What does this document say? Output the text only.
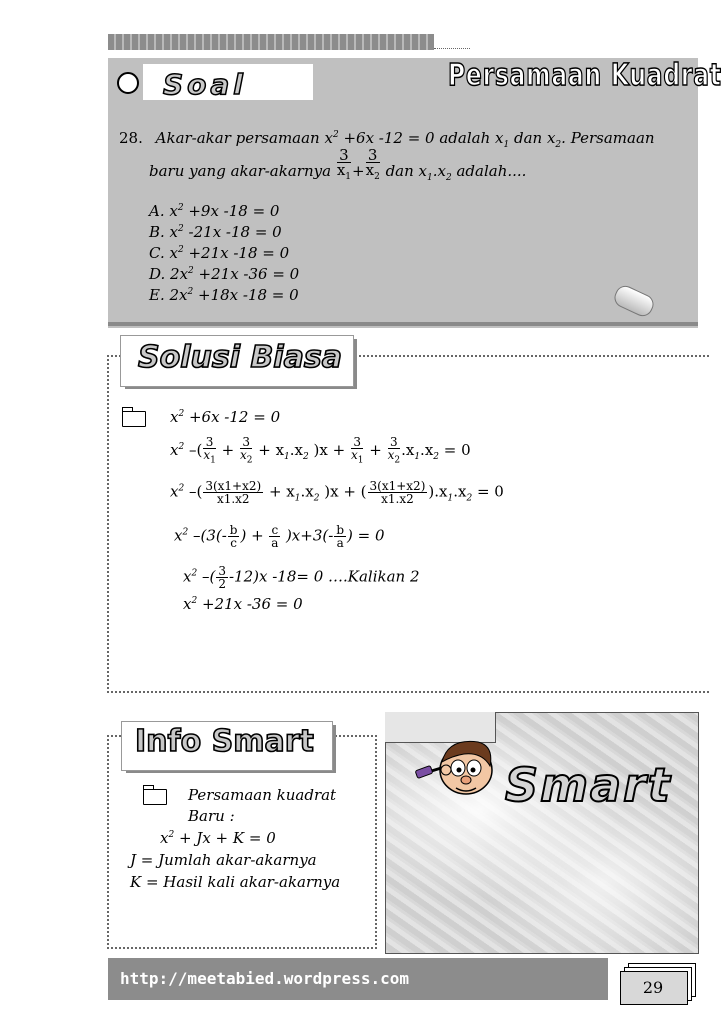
Soal	Persamaan Kuadrat
28. Akar-akar persamaan $x^2 +6x$ -12 = 0 adalah $x_1$ dan $x_2$. Persamaan
baru yang akar-akarnya $\frac{3}{x_1} + \frac{3}{x_2}$ dan $x_1.x_2$ adalah....
A. $x^2 +9x$ -18 = 0
B. $x^2$ -21x -18 = 0
C. $x^2 +21x$ -18 = 0
D. $2x^2 +21x$ -36 = 0
E. $2x^2 +18x$ -18 = 0
Solusi Biasa
$x^2 +6x$ -12 = 0
$x^2$ –( $\frac{3}{x_1} + \frac{3}{x_2} + x_1.x_2$ )$x + \frac{3}{x_1} + \frac{3}{x_2} .x_1.x_2 = 0$
$x^2$ –( $\frac{3(x1+x2)}{x1.x2} + x_1.x_2$ )x + ( $\frac{3(x1+x2)}{x1.x2} ).x_1.x_2 = 0$
$x^2$ $-(3(- \frac{b}{c}$ ) + $\frac{c}{a} )x+3(- \frac{b}{a}$ ) = 0
$x^2$ –( $\frac{3}{2} -12)x$ -18= 0 ….Kalikan 2
$x^2 +21x$ -36 = 0
Info Smart
Persamaan kuadrat
Baru :
$x^2 + Jx + K = 0$
J = Jumlah akar-akarnya
K = Hasil kali akar-akarnya
Smart
http://meetabied.wordpress.com	29
